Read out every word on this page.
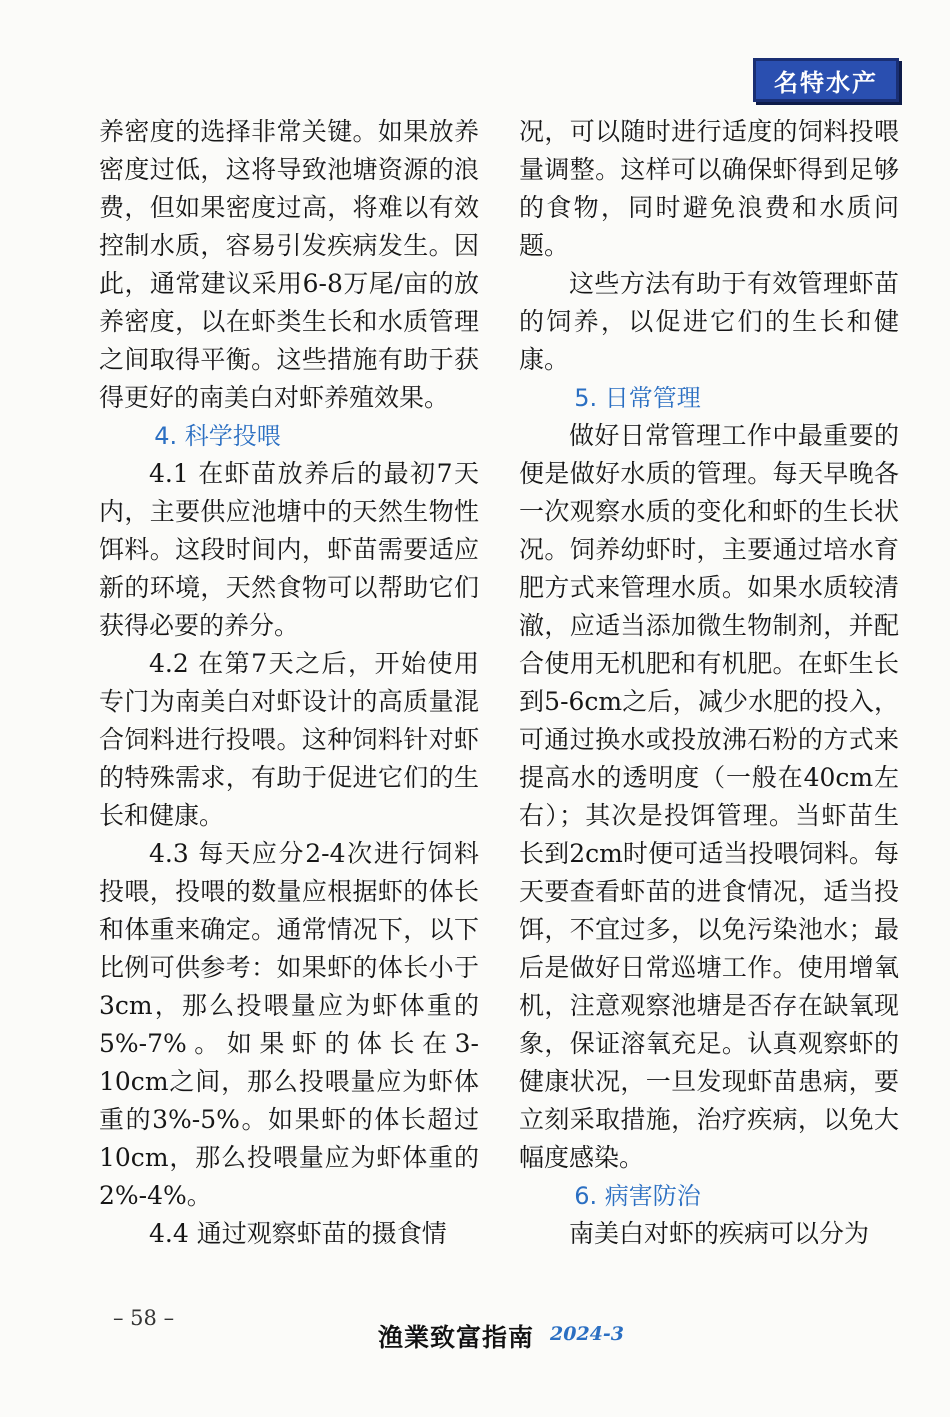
名特水产

养密度的选择非常关键。如果放养密度过低，这将导致池塘资源的浪费，但如果密度过高，将难以有效控制水质，容易引发疾病发生。因此，通常建议采用6-8万尾/亩的放养密度，以在虾类生长和水质管理之间取得平衡。这些措施有助于获得更好的南美白对虾养殖效果。

4. 科学投喂

4.1 在虾苗放养后的最初7天内，主要供应池塘中的天然生物性饵料。这段时间内，虾苗需要适应新的环境，天然食物可以帮助它们获得必要的养分。

4.2 在第7天之后，开始使用专门为南美白对虾设计的高质量混合饲料进行投喂。这种饲料针对虾的特殊需求，有助于促进它们的生长和健康。

4.3 每天应分2-4次进行饲料投喂，投喂的数量应根据虾的体长和体重来确定。通常情况下，以下比例可供参考：如果虾的体长小于3cm，那么投喂量应为虾体重的5%-7%。如果虾的体长在3-10cm之间，那么投喂量应为虾体重的3%-5%。如果虾的体长超过10cm，那么投喂量应为虾体重的2%-4%。

4.4 通过观察虾苗的摄食情

况，可以随时进行适度的饲料投喂量调整。这样可以确保虾得到足够的食物，同时避免浪费和水质问题。

这些方法有助于有效管理虾苗的饲养，以促进它们的生长和健康。

5. 日常管理

做好日常管理工作中最重要的便是做好水质的管理。每天早晚各一次观察水质的变化和虾的生长状况。饲养幼虾时，主要通过培水育肥方式来管理水质。如果水质较清澈，应适当添加微生物制剂，并配合使用无机肥和有机肥。在虾生长到5-6cm之后，减少水肥的投入，可通过换水或投放沸石粉的方式来提高水的透明度（一般在40cm左右）；其次是投饵管理。当虾苗生长到2cm时便可适当投喂饲料。每天要查看虾苗的进食情况，适当投饵，不宜过多，以免污染池水；最后是做好日常巡塘工作。使用增氧机，注意观察池塘是否存在缺氧现象，保证溶氧充足。认真观察虾的健康状况，一旦发现虾苗患病，要立刻采取措施，治疗疾病，以免大幅度感染。

6. 病害防治

南美白对虾的疾病可以分为

– 58 –
渔業致富指南 2024-3
